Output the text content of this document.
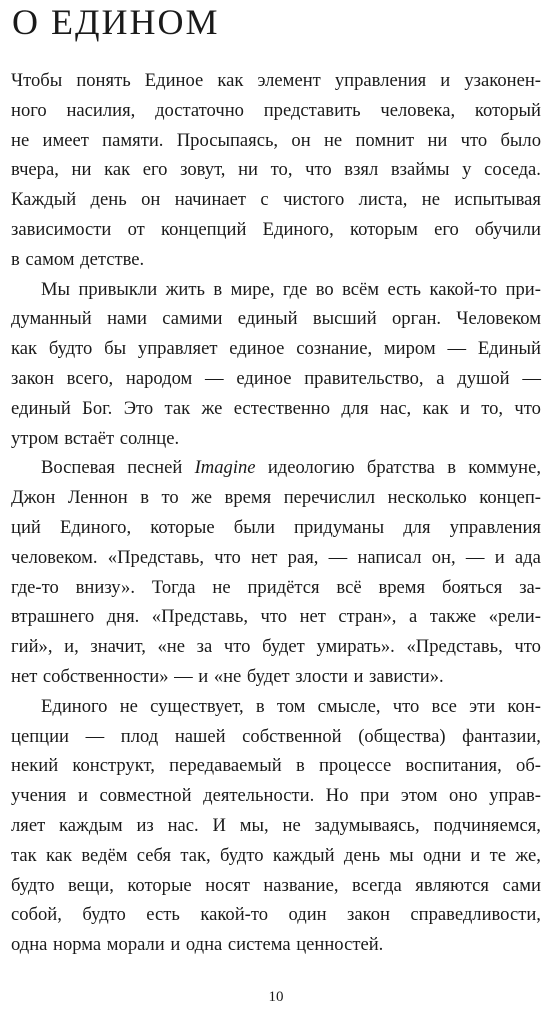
О ЕДИНОМ
Чтобы понять Единое как элемент управления и узаконен-
ного насилия, достаточно представить человека, который
не имеет памяти. Просыпаясь, он не помнит ни что было
вчера, ни как его зовут, ни то, что взял взаймы у соседа.
Каждый день он начинает с чистого листа, не испытывая
зависимости от концепций Единого, которым его обучили
в самом детстве.
Мы привыкли жить в мире, где во всём есть какой-то при-
думанный нами самими единый высший орган. Человеком
как будто бы управляет единое сознание, миром — Единый
закон всего, народом — единое правительство, а душой —
единый Бог. Это так же естественно для нас, как и то, что
утром встаёт солнце.
Воспевая песней Imagine идеологию братства в коммуне,
Джон Леннон в то же время перечислил несколько концеп-
ций Единого, которые были придуманы для управления
человеком. «Представь, что нет рая, — написал он, — и ада
где-то внизу». Тогда не придётся всё время бояться за-
втрашнего дня. «Представь, что нет стран», а также «рели-
гий», и, значит, «не за что будет умирать». «Представь, что
нет собственности» — и «не будет злости и зависти».
Единого не существует, в том смысле, что все эти кон-
цепции — плод нашей собственной (общества) фантазии,
некий конструкт, передаваемый в процессе воспитания, об-
учения и совместной деятельности. Но при этом оно управ-
ляет каждым из нас. И мы, не задумываясь, подчиняемся,
так как ведём себя так, будто каждый день мы одни и те же,
будто вещи, которые носят название, всегда являются сами
собой, будто есть какой-то один закон справедливости,
одна норма морали и одна система ценностей.
10
